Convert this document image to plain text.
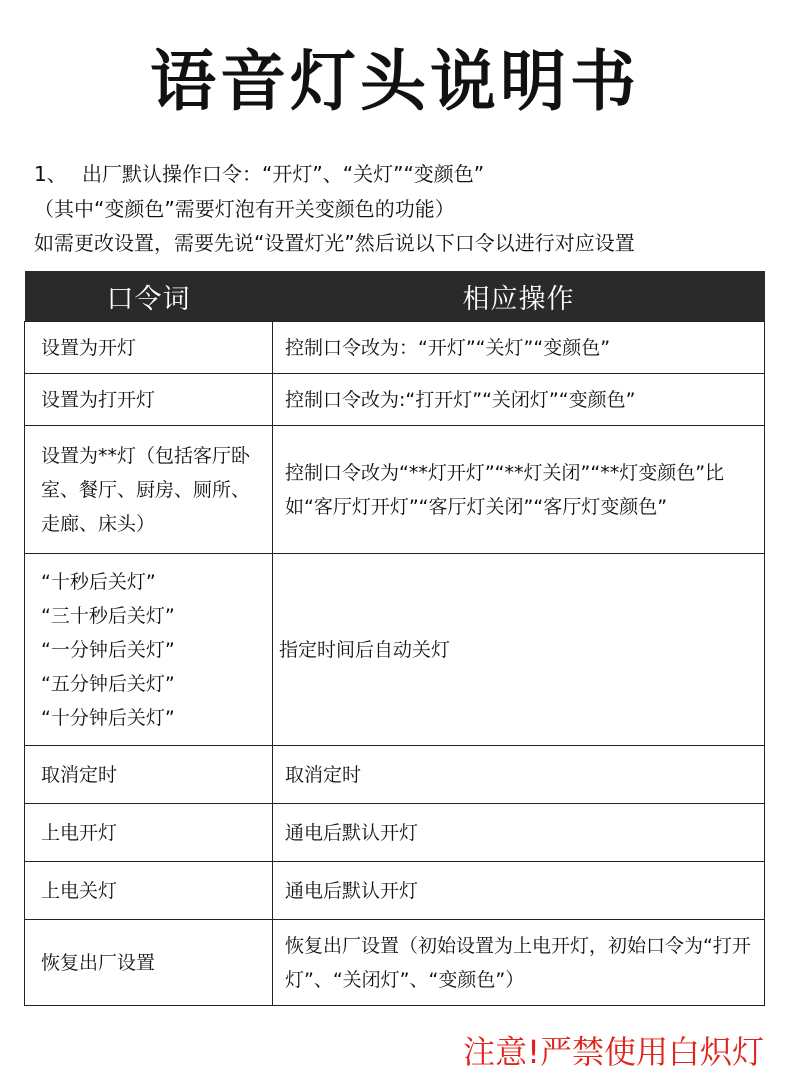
语音灯头说明书
1、 出厂默认操作口令：“开灯”、“关灯”“变颜色”
（其中“变颜色”需要灯泡有开关变颜色的功能）
如需更改设置，需要先说“设置灯光”然后说以下口令以进行对应设置
口令词	相应操作
设置为开灯	控制口令改为：“开灯”“关灯”“变颜色”
设置为打开灯	控制口令改为:“打开灯”“关闭灯”“变颜色”
设置为**灯（包括客厅卧室、餐厅、厨房、厕所、走廊、床头）	控制口令改为“**灯开灯”“**灯关闭”“**灯变颜色”比如“客厅灯开灯”“客厅灯关闭”“客厅灯变颜色”

“十秒后关灯”
“三十秒后关灯”
“一分钟后关灯”
“五分钟后关灯”
“十分钟后关灯”	指定时间后自动关灯
取消定时	取消定时
上电开灯	通电后默认开灯
上电关灯	通电后默认开灯
恢复出厂设置	恢复出厂设置（初始设置为上电开灯，初始口令为“打开灯”、“关闭灯”、“变颜色”）
注意!严禁使用白炽灯
